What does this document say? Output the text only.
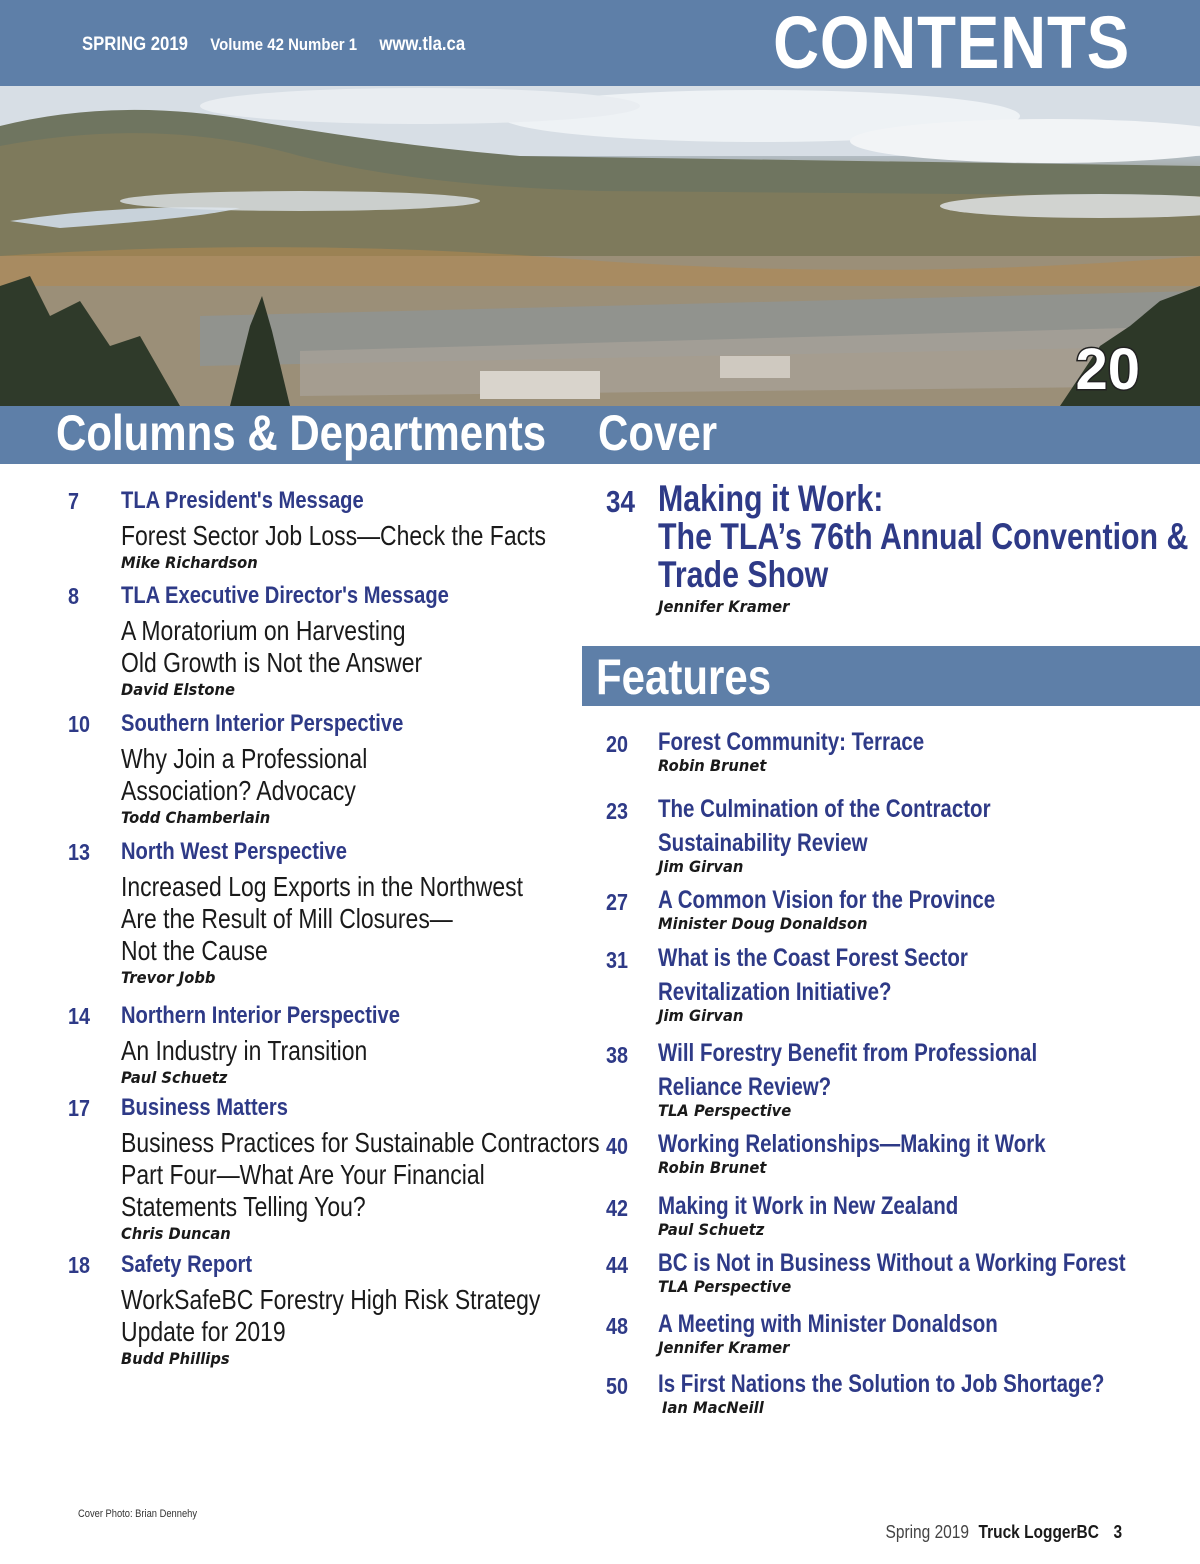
SPRING 2019 Volume 42 Number 1 www.tla.ca	CONTENTS
20
Columns & Departments Cover
7 TLA President's Message
Forest Sector Job Loss—Check the Facts
Mike Richardson
8 TLA Executive Director's Message
A Moratorium on Harvesting
Old Growth is Not the Answer
David Elstone
10 Southern Interior Perspective
Why Join a Professional
Association? Advocacy
Todd Chamberlain
13 North West Perspective
Increased Log Exports in the Northwest
Are the Result of Mill Closures—
Not the Cause
Trevor Jobb
14 Northern Interior Perspective
An Industry in Transition
Paul Schuetz
17 Business Matters
Business Practices for Sustainable Contractors
Part Four—What Are Your Financial
Statements Telling You?
Chris Duncan
18 Safety Report
WorkSafeBC Forestry High Risk Strategy
Update for 2019
Budd Phillips
34 Making it Work:
The TLA’s 76th Annual Convention &
Trade Show
Jennifer Kramer
Features
20 Forest Community: Terrace
Robin Brunet
23 The Culmination of the Contractor
Sustainability Review
Jim Girvan
27 A Common Vision for the Province
Minister Doug Donaldson
31 What is the Coast Forest Sector
Revitalization Initiative?
Jim Girvan
38 Will Forestry Benefit from Professional
Reliance Review?
TLA Perspective
40 Working Relationships—Making it Work
Robin Brunet
42 Making it Work in New Zealand
Paul Schuetz
44 BC is Not in Business Without a Working Forest
TLA Perspective
48 A Meeting with Minister Donaldson
Jennifer Kramer
50 Is First Nations the Solution to Job Shortage?
Ian MacNeill
Cover Photo: Brian Dennehy
Spring 2019 Truck LoggerBC 3
